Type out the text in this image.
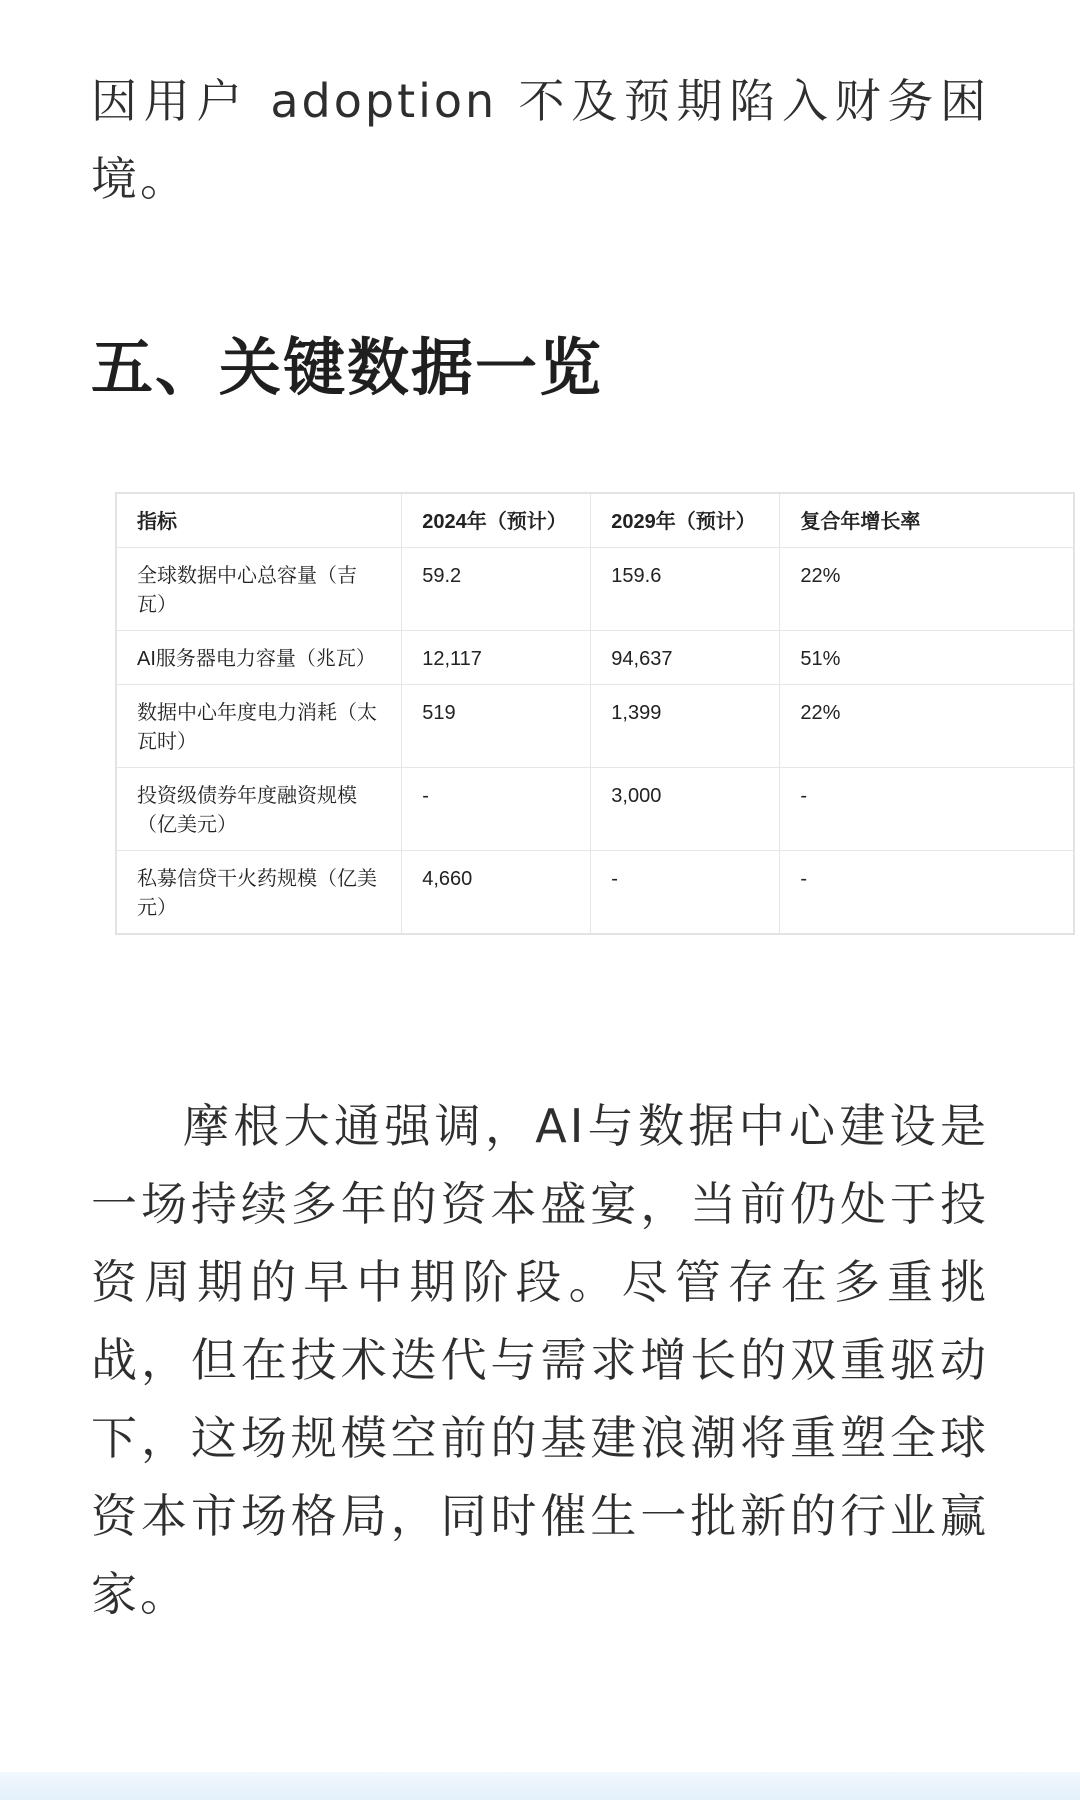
因用户 adoption 不及预期陷入财务困境。

五、关键数据一览
指标	2024年（预计）	2029年（预计）	复合年增长率
全球数据中心总容量（吉瓦）	59.2	159.6	22%
AI服务器电力容量（兆瓦）	12,117	94,637	51%
数据中心年度电力消耗（太瓦时）	519	1,399	22%
投资级债券年度融资规模（亿美元）	-	3,000	-
私募信贷干火药规模（亿美元）	4,660	-	-

摩根大通强调，AI与数据中心建设是一场持续多年的资本盛宴，当前仍处于投资周期的早中期阶段。尽管存在多重挑战，但在技术迭代与需求增长的双重驱动下，这场规模空前的基建浪潮将重塑全球资本市场格局，同时催生一批新的行业赢家。
